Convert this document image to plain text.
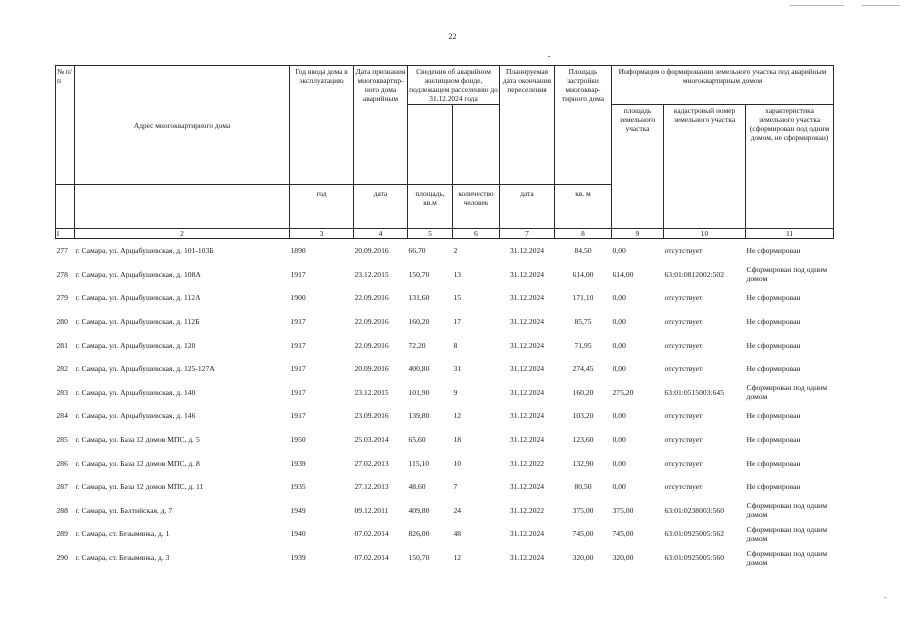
22
№ п/п	Адрес многоквартирного дома	Год ввода дома в эксплуатацию	Дата признания многоквартир-ного дома аварийным	Сведения об аварийном жилищном фонде, подлежащем расселению до 31.12.2024 года		Планируемая дата окончания переселения	Площадь застройки многоквар-тирного дома	Информация о формировании земельного участка под аварийным многоквартирным домом		
								площадь земельного участка	кадастровый номер земельного участка	характеристика земельного участка (сформирован под одним домом, не сформирован)
		год	дата	площадь, кв.м	количество человек	дата	кв. м			
1	2	3	4	5	6	7	8	9	10	11
277	г. Самара, ул. Арцыбушевская, д. 101-103Б	1890	20.09.2016	66,70	2	31.12.2024	84,50	0,00	отсутствует	Не сформирован
278	г. Самара, ул. Арцыбушевская, д. 108А	1917	23.12.2015	150,70	13	31.12.2024	614,00	614,00	63:01:0812002:502	Сформирован под одним домом
279	г. Самара, ул. Арцыбушевская, д. 112А	1900	22.09.2016	131,60	15	31.12.2024	171,10	0,00	отсутствует	Не сформирован
280	г. Самара, ул. Арцыбушевская, д. 112Б	1917	22.09.2016	160,20	17	31.12.2024	85,75	0,00	отсутствует	Не сформирован
281	г. Самара, ул. Арцыбушевская, д. 120	1917	22.09.2016	72,20	8	31.12.2024	71,95	0,00	отсутствует	Не сформирован
282	г. Самара, ул. Арцыбушевская, д. 125-127А	1917	20.09.2016	400,80	31	31.12.2024	274,45	0,00	отсутствует	Не сформирован
283	г. Самара, ул. Арцыбушевская, д. 140	1917	23.12.2015	101,90	9	31.12.2024	160,20	275,20	63:01:0515003:645	Сформирован под одним домом
284	г. Самара, ул. Арцыбушевская, д. 146	1917	23.09.2016	139,80	12	31.12.2024	103,20	0,00	отсутствует	Не сформирован
285	г. Самара, ул. База 12 домов МПС, д. 5	1950	25.03.2014	65,60	18	31.12.2024	123,60	0,00	отсутствует	Не сформирован
286	г. Самара, ул. База 12 домов МПС, д. 8	1939	27.02.2013	115,10	10	31.12.2022	132,90	0,00	отсутствует	Не сформирован
287	г. Самара, ул. База 12 домов МПС, д. 11	1935	27.12.2013	48,60	7	31.12.2024	80,50	0,00	отсутствует	Не сформирован
288	г. Самара, ул. Балтийская, д. 7	1949	09.12.2011	409,80	24	31.12.2022	375,00	375,00	63:01:0238003:560	Сформирован под одним домом
289	г. Самара, ст. Безымянка, д. 1	1940	07.02.2014	826,00	48	31.12.2024	745,00	745,00	63:01:0925005:562	Сформирован под одним домом
290	г. Самара, ст. Безымянка, д. 3	1939	07.02.2014	150,70	12	31.12.2024	320,00	320,00	63:01:0925005:560	Сформирован под одним домом
-
